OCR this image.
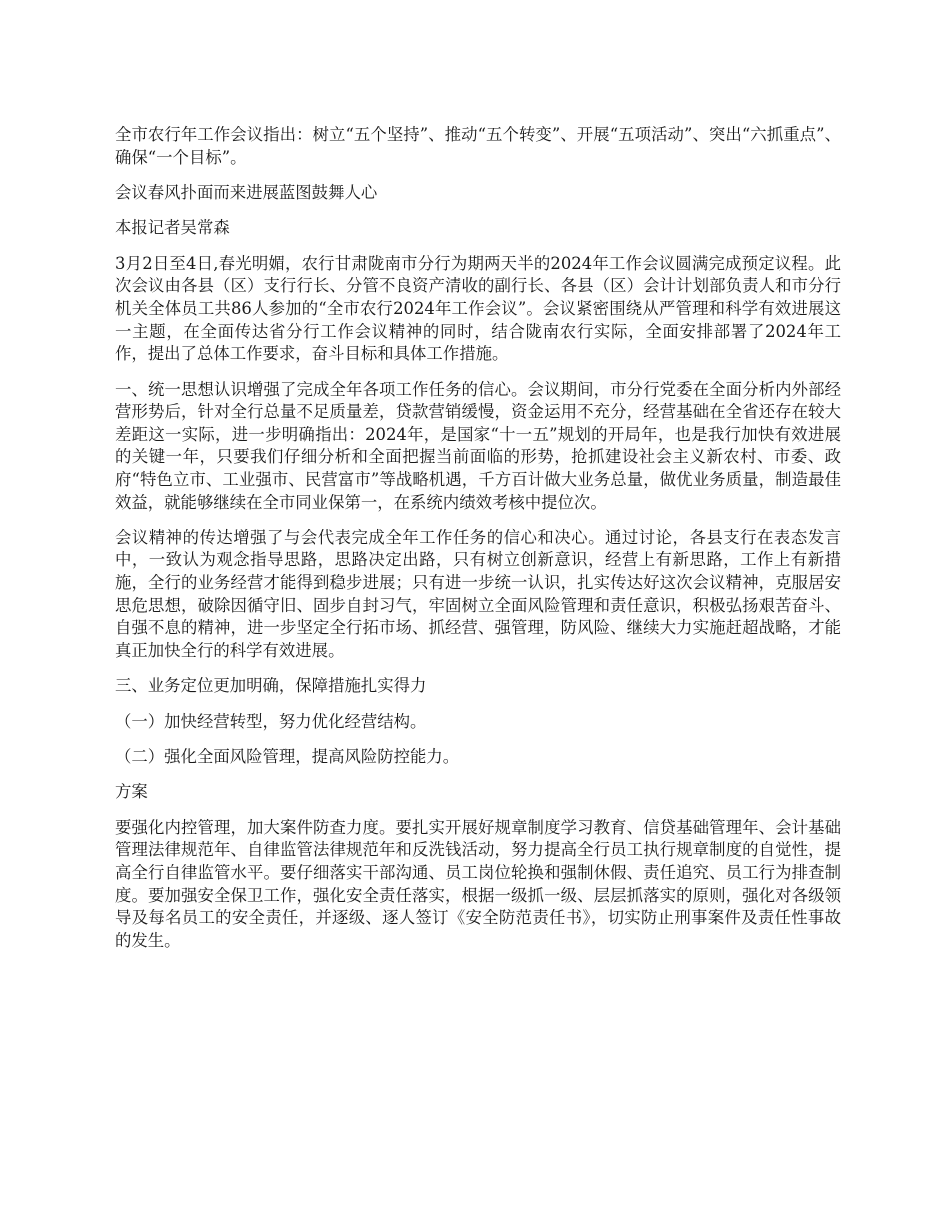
全市农行年工作会议指出：树立“五个坚持”、推动“五个转变”、开展“五项活动”、突出“六抓重点”、确保“一个目标”。

会议春风扑面而来进展蓝图鼓舞人心

本报记者吴常森

3月2日至4日,春光明媚，农行甘肃陇南市分行为期两天半的2024年工作会议圆满完成预定议程。此次会议由各县（区）支行行长、分管不良资产清收的副行长、各县（区）会计计划部负责人和市分行机关全体员工共86人参加的“全市农行2024年工作会议”。会议紧密围绕从严管理和科学有效进展这一主题，在全面传达省分行工作会议精神的同时，结合陇南农行实际，全面安排部署了2024年工作，提出了总体工作要求，奋斗目标和具体工作措施。

一、统一思想认识增强了完成全年各项工作任务的信心。会议期间，市分行党委在全面分析内外部经营形势后，针对全行总量不足质量差，贷款营销缓慢，资金运用不充分，经营基础在全省还存在较大差距这一实际，进一步明确指出：2024年，是国家“十一五”规划的开局年，也是我行加快有效进展的关键一年，只要我们仔细分析和全面把握当前面临的形势，抢抓建设社会主义新农村、市委、政府“特色立市、工业强市、民营富市”等战略机遇，千方百计做大业务总量，做优业务质量，制造最佳效益，就能够继续在全市同业保第一，在系统内绩效考核中提位次。

会议精神的传达增强了与会代表完成全年工作任务的信心和决心。通过讨论，各县支行在表态发言中，一致认为观念指导思路，思路决定出路，只有树立创新意识，经营上有新思路，工作上有新措施，全行的业务经营才能得到稳步进展；只有进一步统一认识，扎实传达好这次会议精神，克服居安思危思想，破除因循守旧、固步自封习气，牢固树立全面风险管理和责任意识，积极弘扬艰苦奋斗、自强不息的精神，进一步坚定全行拓市场、抓经营、强管理，防风险、继续大力实施赶超战略，才能真正加快全行的科学有效进展。

三、业务定位更加明确，保障措施扎实得力

（一）加快经营转型，努力优化经营结构。

（二）强化全面风险管理，提高风险防控能力。

方案

要强化内控管理，加大案件防查力度。要扎实开展好规章制度学习教育、信贷基础管理年、会计基础管理法律规范年、自律监管法律规范年和反洗钱活动，努力提高全行员工执行规章制度的自觉性，提高全行自律监管水平。要仔细落实干部沟通、员工岗位轮换和强制休假、责任追究、员工行为排查制度。要加强安全保卫工作，强化安全责任落实，根据一级抓一级、层层抓落实的原则，强化对各级领导及每名员工的安全责任，并逐级、逐人签订《安全防范责任书》，切实防止刑事案件及责任性事故的发生。
